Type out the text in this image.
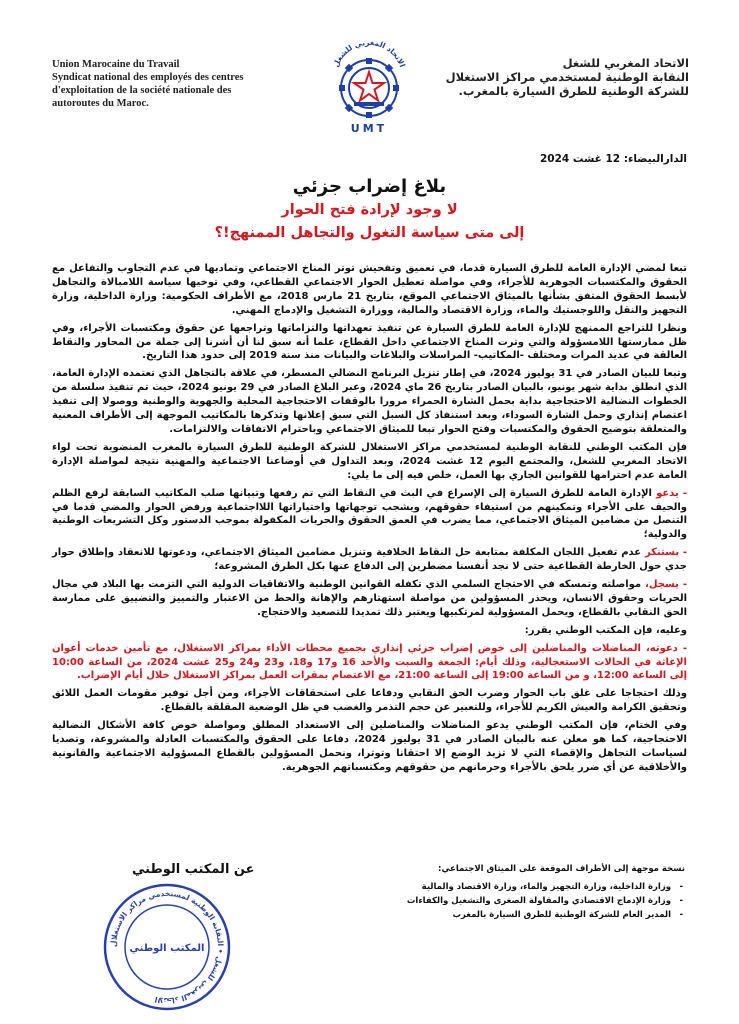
Union Marocaine du Travail
Syndicat national des employés des centres
d'exploitation de la société nationale des
autoroutes du Maroc.
الاتحاد المغربي للشغل
UMT
الاتحاد المغربي للشغل
النقابة الوطنية لمستخدمي مراكز الاستغلال
للشركة الوطنية للطرق السيارة بالمغرب.
الدارالبيضاء: 12 غشت 2024
بلاغ إضراب جزئي
لا وجود لإرادة فتح الحوار
إلى متى سياسة التغول والتجاهل الممنهج!؟

تبعا لمضي الإدارة العامة للطرق السيارة قدما، في تعميق وتفحيش توتر المناخ الاجتماعي وتماديها في عدم التجاوب والتفاعل مع الحقوق والمكتسبات الجوهرية للأجراء، وفي مواصلة تعطيل الحوار الاجتماعي القطاعي، وفي توخيها سياسة اللامبالاة والتجاهل لأبسط الحقوق المتفق بشأنها بالميثاق الاجتماعي الموقع، بتاريخ 21 مارس 2018، مع الأطراف الحكومية: وزارة الداخلية، وزارة التجهيز والنقل واللوجستيك والماء، وزارة الاقتصاد والمالية، ووزارة التشغيل والإدماج المهني.

ونظرا للتراجع الممنهج للإدارة العامة للطرق السيارة عن تنفيذ تعهداتها والتزاماتها وتراجعها عن حقوق ومكتسبات الأجراء، وفي ظل ممارستها اللامسؤولة والتي وترت المناخ الاجتماعي داخل القطاع، علما أنه سبق لنا أن أشرنا إلى جملة من المحاور والنقاط العالقة في عديد المرات ومختلف -المكاتيب- المراسلات والبلاغات والبيانات منذ سنة 2019 إلى حدود هذا التاريخ.

وتبعا للبيان الصادر في 31 يوليوز 2024، في إطار تنزيل البرنامج النضالي المسطر، في علاقة بالتجاهل الذي تعتمده الإدارة العامة، الذي انطلق بداية شهر يونيو، بالبيان الصادر بتاريخ 26 ماي 2024، وعبر البلاغ الصادر في 29 يونيو 2024، حيث تم تنفيذ سلسلة من الخطوات النضالية الاحتجاجية بداية بحمل الشارة الحمراء مرورا بالوقفات الاحتجاجية المحلية والجهوية والوطنية ووصولا إلى تنفيذ اعتصام إنذاري وحمل الشارة السوداء، وبعد استنفاذ كل السبل التي سبق إعلانها وتذكرها بالمكاتيب الموجهة إلى الأطراف المعنية والمتعلقة بتوضيح الحقوق والمكتسبات وفتح الحوار تبعا للميثاق الاجتماعي وباحترام الاتفاقات والالتزامات.

فإن المكتب الوطني للنقابة الوطنية لمستخدمي مراكز الاستغلال للشركة الوطنية للطرق السيارة بالمغرب المنضوية تحت لواء الاتحاد المغربي للشغل، والمجتمع اليوم 12 غشت 2024، وبعد التداول في أوضاعنا الاجتماعية والمهنية نتيجة لمواصلة الإدارة العامة عدم احترامها للقوانين الجاري بها العمل، خلص فيه إلى ما يلي:

- يدعو الإدارة العامة للطرق السيارة إلى الإسراع في البث في النقاط التي تم رفعها وتبيانها صلب المكاتيب السابقة لرفع الظلم والحيف على الأجراء وتمكينهم من استيفاء حقوقهم، ويشجب توجهاتها واختياراتها اللااجتماعية ورفض الحوار والمضي قدما في التنصل من مضامين الميثاق الاجتماعي، مما يضرب في العمق الحقوق والحريات المكفولة بموجب الدستور وكل التشريعات الوطنية والدولية؛

- يستنكر عدم تفعيل اللجان المكلفة بمتابعة حل النقاط الخلافية وتنزيل مضامين الميثاق الاجتماعي، ودعوتها للانعقاد وإطلاق حوار جدي حول الخارطة القطاعية حتى لا نجد أنفسنا مضطرين إلى الدفاع عنها بكل الطرق المشروعة؛

- يسجل، مواصلته وتمسكه في الاحتجاج السلمي الذي تكفله القوانين الوطنية والاتفاقيات الدولية التي التزمت بها البلاد في مجال الحريات وحقوق الانسان، ويحذر المسؤولين من مواصلة استهتارهم والإهانة والحط من الاعتبار والتمييز والتضييق على ممارسة الحق النقابي بالقطاع، ويحمل المسؤولية لمرتكبيها ويعتبر ذلك تمديدا للتصعيد والاحتجاج.

وعليه، فإن المكتب الوطني يقرر:

- دعوته، المناضلات والمناضلين إلى خوض إضراب جزئي إنذاري بجميع محطات الأداء بمراكز الاستغلال، مع تأمين خدمات أعوان الإغاثة في الحالات الاستعجالية، وذلك أيام: الجمعة والسبت والأحد 16 و17 و18، و23 و24 و25 غشت 2024، من الساعة 10:00 إلى الساعة 12:00، و من الساعة 19:00 إلى الساعة 21:00، مع الاعتصام بمقرات العمل بمراكز الاستغلال خلال أيام الإضراب.

وذلك احتجاجا على غلق باب الحوار وضرب الحق النقابي ودفاعا على استحقاقات الأجراء، ومن أجل توفير مقومات العمل اللائق وتحقيق الكرامة والعيش الكريم للأجراء، وللتعبير عن حجم التذمر والغضب في ظل الوضعية المقلقة بالقطاع.

وفي الختام، فإن المكتب الوطني يدعو المناضلات والمناضلين إلى الاستعداد المطلق ومواصلة خوض كافة الأشكال النضالية الاحتجاجية، كما هو معلن عنه بالبيان الصادر في 31 يوليوز 2024، دفاعا على الحقوق والمكتسبات العادلة والمشروعة، وتصديا لسياسات التجاهل والإقصاء التي لا تزيد الوضع إلا احتقانا وتوترا، ونحمل المسؤولين بالقطاع المسؤولية الاجتماعية والقانونية والأخلاقية عن أي ضرر يلحق بالأجراء وحرمانهم من حقوقهم ومكتسباتهم الجوهرية.

عن المكتب الوطني
الاتحاد المغربي للشغل • النقابة الوطنية لمستخدمي مراكز الاستغلال
المكتب الوطني
نسخة موجهة إلى الأطراف الموقعة على الميثاق الاجتماعي:
- وزارة الداخلية، وزارة التجهيز والماء، وزارة الاقتصاد والمالية
- وزارة الإدماج الاقتصادي والمقاولة الصغرى والتشغيل والكفاءات
- المدير العام للشركة الوطنية للطرق السيارة بالمغرب
